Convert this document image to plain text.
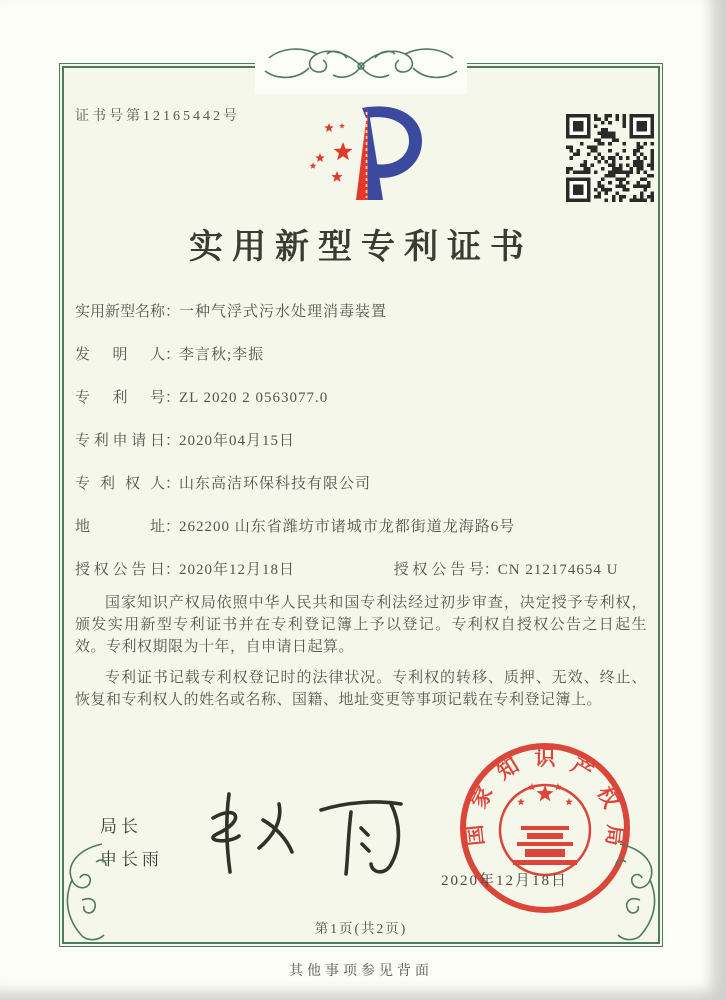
证书号第12165442号
实用新型专利证书
实用新型名称：一种气浮式污水处理消毒装置
发明人：李言秋;李振
专利号：ZL 2020 2 0563077.0
专利申请日：2020年04月15日
专利权人：山东高洁环保科技有限公司
地址：262200 山东省潍坊市诸城市龙都街道龙海路6号
授权公告日：2020年12月18日	授权公告号：CN 212174654 U

国家知识产权局依照中华人民共和国专利法经过初步审查，决定授予专利权，颁发实用新型专利证书并在专利登记簿上予以登记。专利权自授权公告之日起生效。专利权期限为十年，自申请日起算。

专利证书记载专利权登记时的法律状况。专利权的转移、质押、无效、终止、恢复和专利权人的姓名或名称、国籍、地址变更等事项记载在专利登记簿上。

局长
申长雨
国
家
知 识 产
权
局
2020年12月18日
第1页(共2页)
其他事项参见背面
